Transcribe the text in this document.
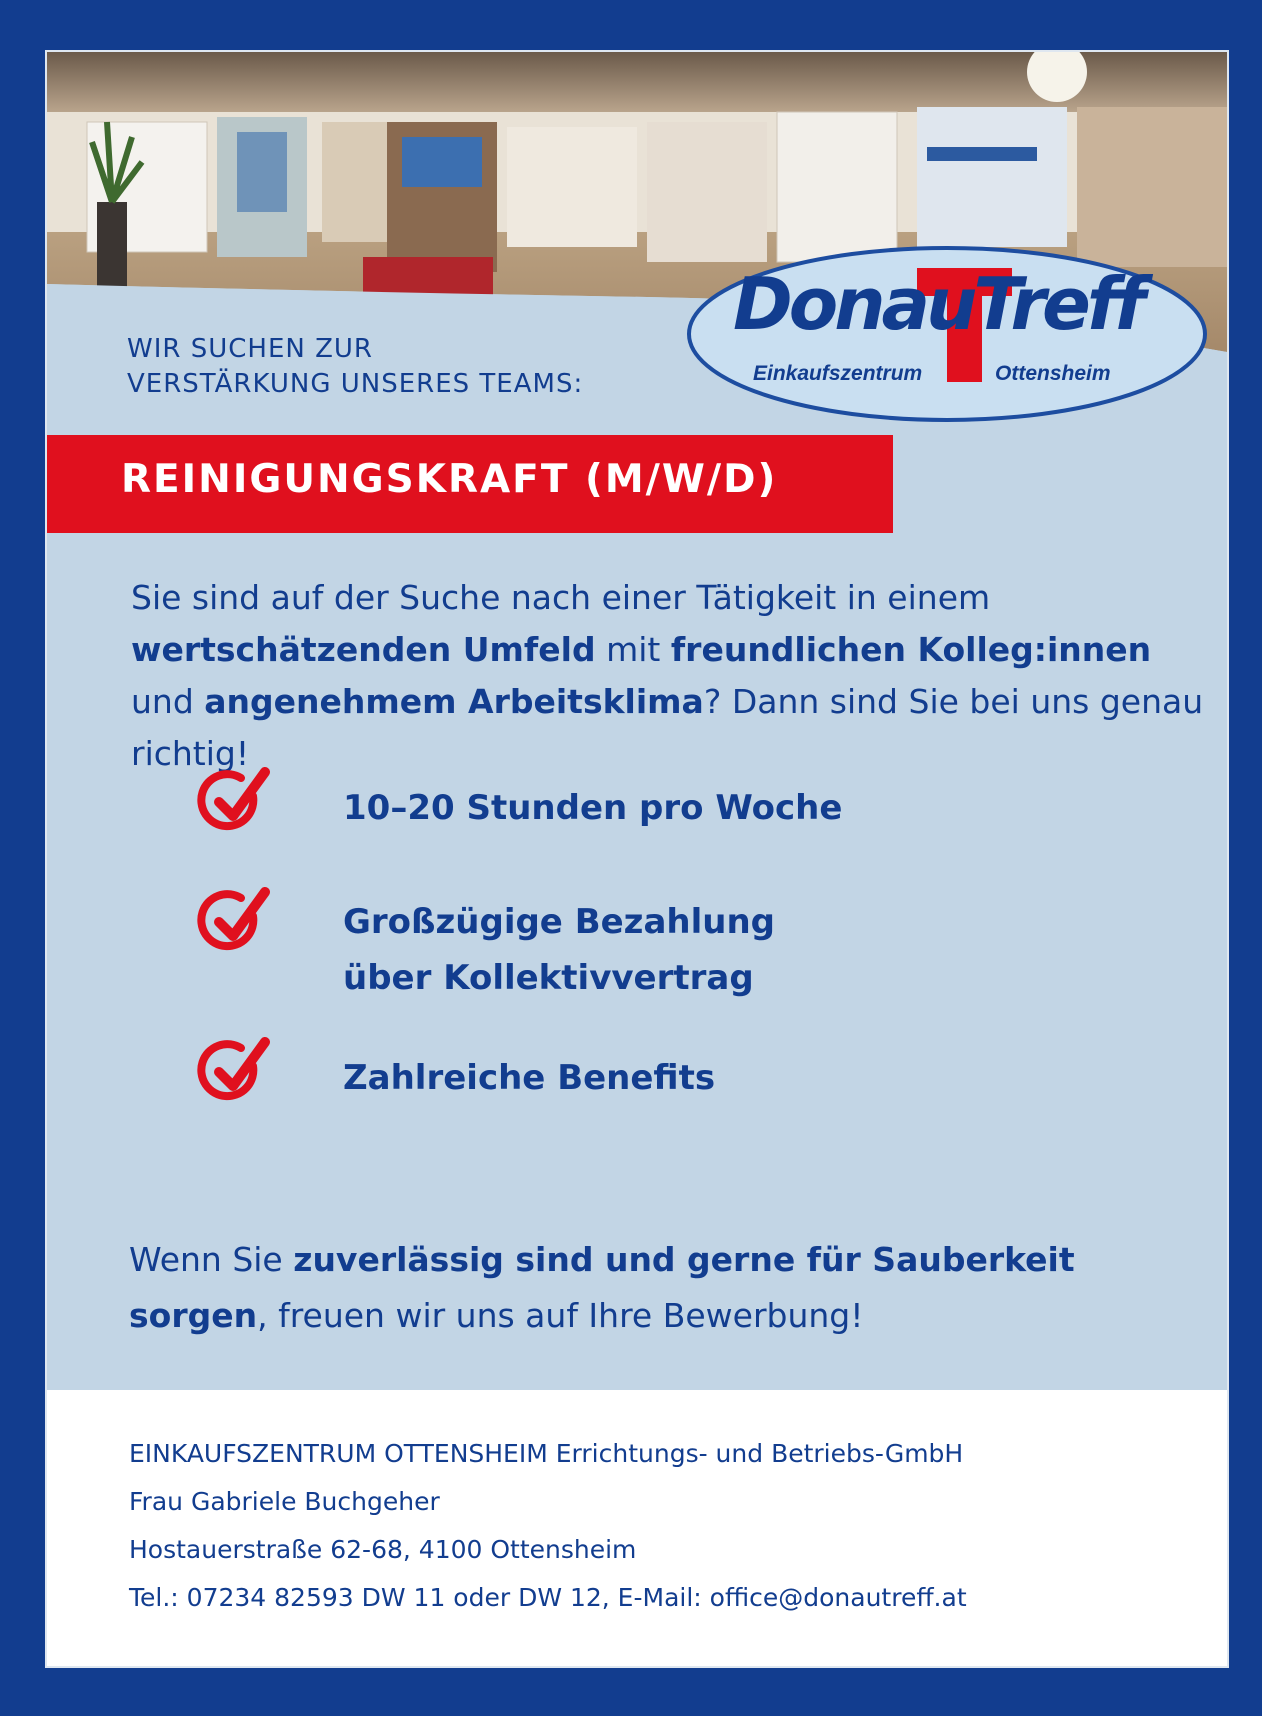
DonauTreff
Einkaufszentrum	Ottensheim
WIR SUCHEN ZUR
VERSTÄRKUNG UNSERES TEAMS:
REINIGUNGSKRAFT (M/W/D)
Sie sind auf der Suche nach einer Tätigkeit in einem wertschätzenden Umfeld mit freundlichen Kolleg:innen und angenehmem Arbeitsklima? Dann sind Sie bei uns genau richtig!
10–20 Stunden pro Woche
Großzügige Bezahlung
über Kollektivvertrag
Zahlreiche Benefits
Wenn Sie zuverlässig sind und gerne für Sauberkeit sorgen, freuen wir uns auf Ihre Bewerbung!
EINKAUFSZENTRUM OTTENSHEIM Errichtungs- und Betriebs-GmbH
Frau Gabriele Buchgeher
Hostauerstraße 62-68, 4100 Ottensheim
Tel.: 07234 82593 DW 11 oder DW 12, E-Mail: office@donautreff.at
